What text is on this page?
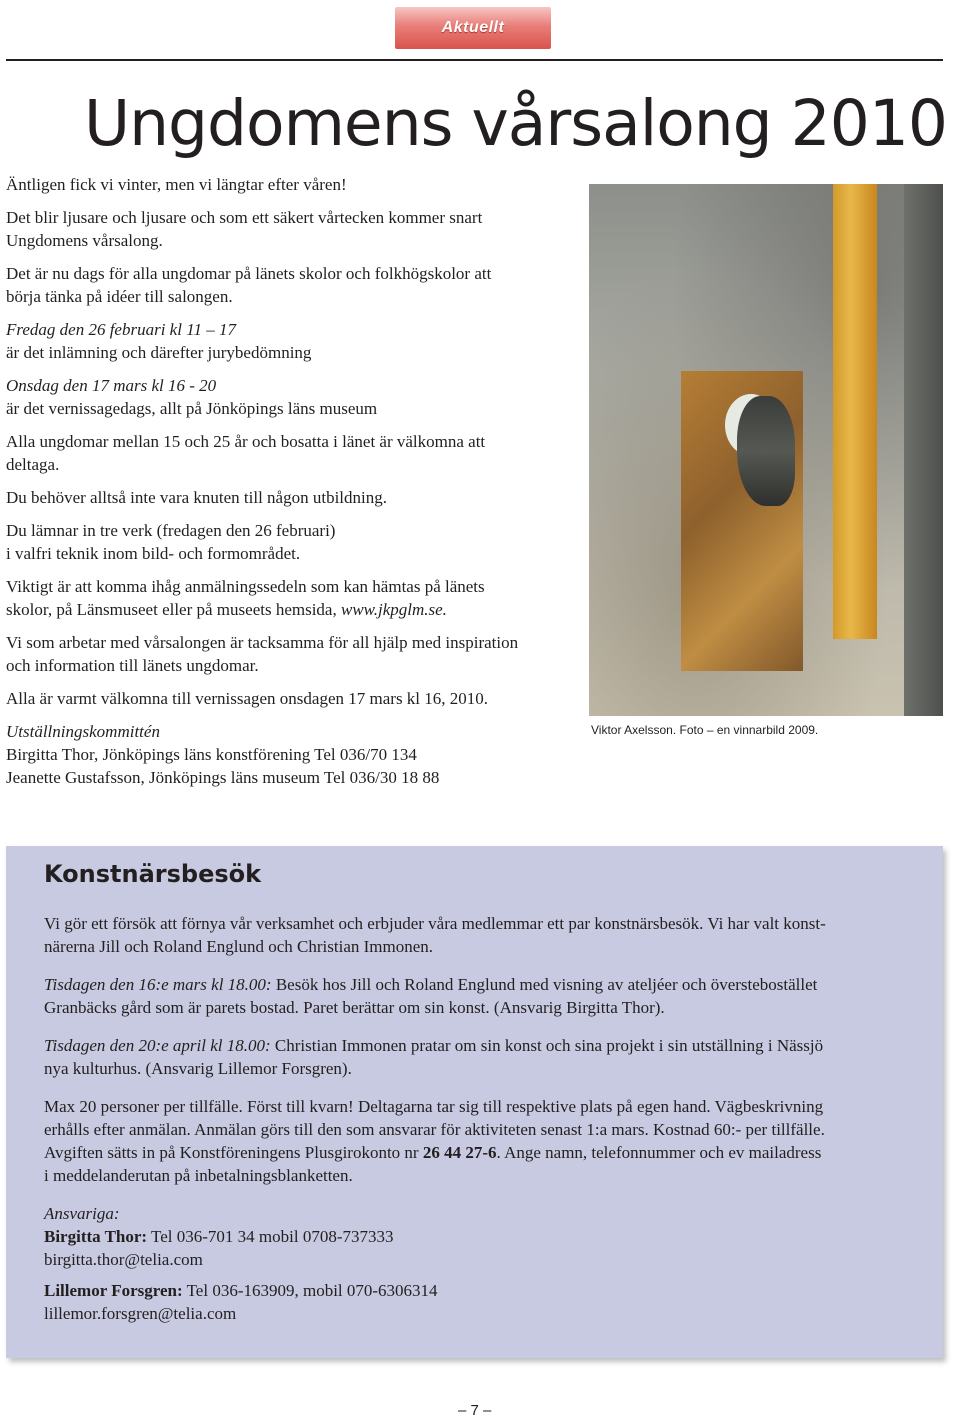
Aktuellt
Ungdomens vårsalong 2010

Äntligen fick vi vinter, men vi längtar efter våren!

Det blir ljusare och ljusare och som ett säkert vårtecken kommer snart
Ungdomens vårsalong.

Det är nu dags för alla ungdomar på länets skolor och folkhögskolor att
börja tänka på idéer till salongen.

Fredag den 26 februari kl 11 – 17
är det inlämning och därefter jurybedömning

Onsdag den 17 mars kl 16 - 20
är det vernissagedags, allt på Jönköpings läns museum

Alla ungdomar mellan 15 och 25 år och bosatta i länet är välkomna att
deltaga.

Du behöver alltså inte vara knuten till någon utbildning.

Du lämnar in tre verk (fredagen den 26 februari)
i valfri teknik inom bild- och formområdet.

Viktigt är att komma ihåg anmälningssedeln som kan hämtas på länets
skolor, på Länsmuseet eller på museets hemsida, www.jkpglm.se.

Vi som arbetar med vårsalongen är tacksamma för all hjälp med inspiration
och information till länets ungdomar.

Alla är varmt välkomna till vernissagen onsdagen 17 mars kl 16, 2010.

Utställningskommittén
Birgitta Thor, Jönköpings läns konstförening Tel 036/70 134
Jeanette Gustafsson, Jönköpings läns museum Tel 036/30 18 88

Viktor Axelsson. Foto – en vinnarbild 2009.
Konstnärsbesök

Vi gör ett försök att förnya vår verksamhet och erbjuder våra medlemmar ett par konstnärsbesök. Vi har valt konst-
närerna Jill och Roland Englund och Christian Immonen.

Tisdagen den 16:e mars kl 18.00: Besök hos Jill och Roland Englund med visning av ateljéer och överstebostället
Granbäcks gård som är parets bostad. Paret berättar om sin konst. (Ansvarig Birgitta Thor).

Tisdagen den 20:e april kl 18.00: Christian Immonen pratar om sin konst och sina projekt i sin utställning i Nässjö
nya kulturhus. (Ansvarig Lillemor Forsgren).

Max 20 personer per tillfälle. Först till kvarn! Deltagarna tar sig till respektive plats på egen hand. Vägbeskrivning
erhålls efter anmälan. Anmälan görs till den som ansvarar för aktiviteten senast 1:a mars. Kostnad 60:- per tillfälle.
Avgiften sätts in på Konstföreningens Plusgirokonto nr 26 44 27-6. Ange namn, telefonnummer och ev mailadress
i meddelanderutan på inbetalningsblanketten.

Ansvariga:
Birgitta Thor: Tel 036-701 34 mobil 0708-737333
birgitta.thor@telia.com

Lillemor Forsgren: Tel 036-163909, mobil 070-6306314
lillemor.forsgren@telia.com

– 7 –
